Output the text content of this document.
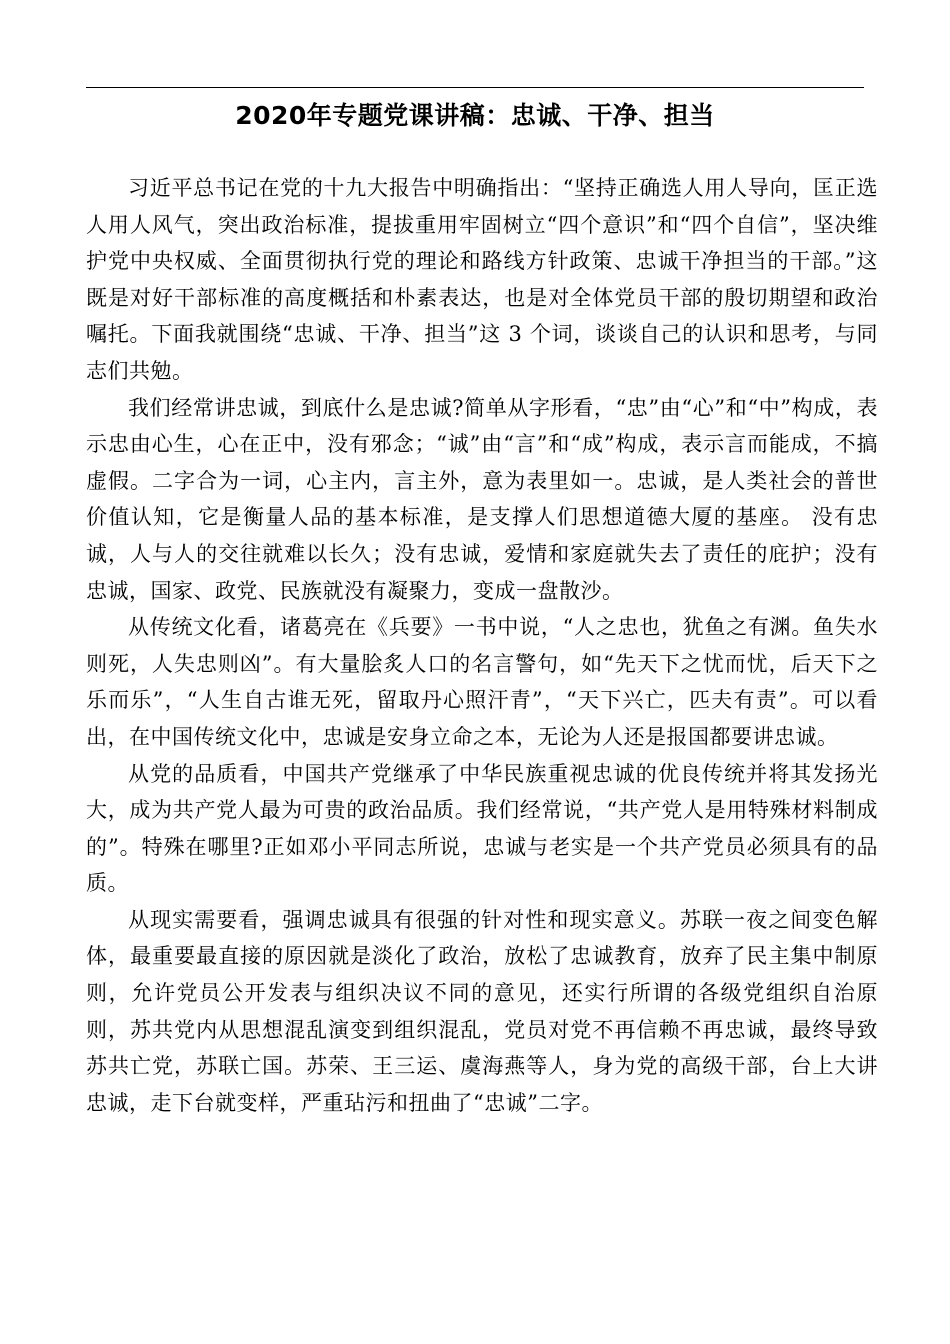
2020年专题党课讲稿：忠诚、干净、担当

习近平总书记在党的十九大报告中明确指出：“坚持正确选人用人导向，匡正选人用人风气，突出政治标准，提拔重用牢固树立“四个意识”和“四个自信”，坚决维护党中央权威、全面贯彻执行党的理论和路线方针政策、忠诚干净担当的干部。”这既是对好干部标准的高度概括和朴素表达，也是对全体党员干部的殷切期望和政治嘱托。下面我就围绕“忠诚、干净、担当”这 3 个词，谈谈自己的认识和思考，与同志们共勉。

我们经常讲忠诚，到底什么是忠诚?简单从字形看，“忠”由“心”和“中”构成，表示忠由心生，心在正中，没有邪念；“诚”由“言”和“成”构成，表示言而能成，不搞虚假。二字合为一词，心主内，言主外，意为表里如一。忠诚，是人类社会的普世价值认知，它是衡量人品的基本标准，是支撑人们思想道德大厦的基座。 没有忠诚，人与人的交往就难以长久；没有忠诚，爱情和家庭就失去了责任的庇护；没有忠诚，国家、政党、民族就没有凝聚力，变成一盘散沙。

从传统文化看，诸葛亮在《兵要》一书中说，“人之忠也，犹鱼之有渊。鱼失水则死，人失忠则凶”。有大量脍炙人口的名言警句，如“先天下之忧而忧，后天下之乐而乐”，“人生自古谁无死，留取丹心照汗青”，“天下兴亡，匹夫有责”。可以看出，在中国传统文化中，忠诚是安身立命之本，无论为人还是报国都要讲忠诚。

从党的品质看，中国共产党继承了中华民族重视忠诚的优良传统并将其发扬光大，成为共产党人最为可贵的政治品质。我们经常说，“共产党人是用特殊材料制成的”。特殊在哪里?正如邓小平同志所说，忠诚与老实是一个共产党员必须具有的品质。

从现实需要看，强调忠诚具有很强的针对性和现实意义。苏联一夜之间变色解体，最重要最直接的原因就是淡化了政治，放松了忠诚教育，放弃了民主集中制原则，允许党员公开发表与组织决议不同的意见，还实行所谓的各级党组织自治原则，苏共党内从思想混乱演变到组织混乱，党员对党不再信赖不再忠诚，最终导致苏共亡党，苏联亡国。苏荣、王三运、虞海燕等人，身为党的高级干部，台上大讲忠诚，走下台就变样，严重玷污和扭曲了“忠诚”二字。
